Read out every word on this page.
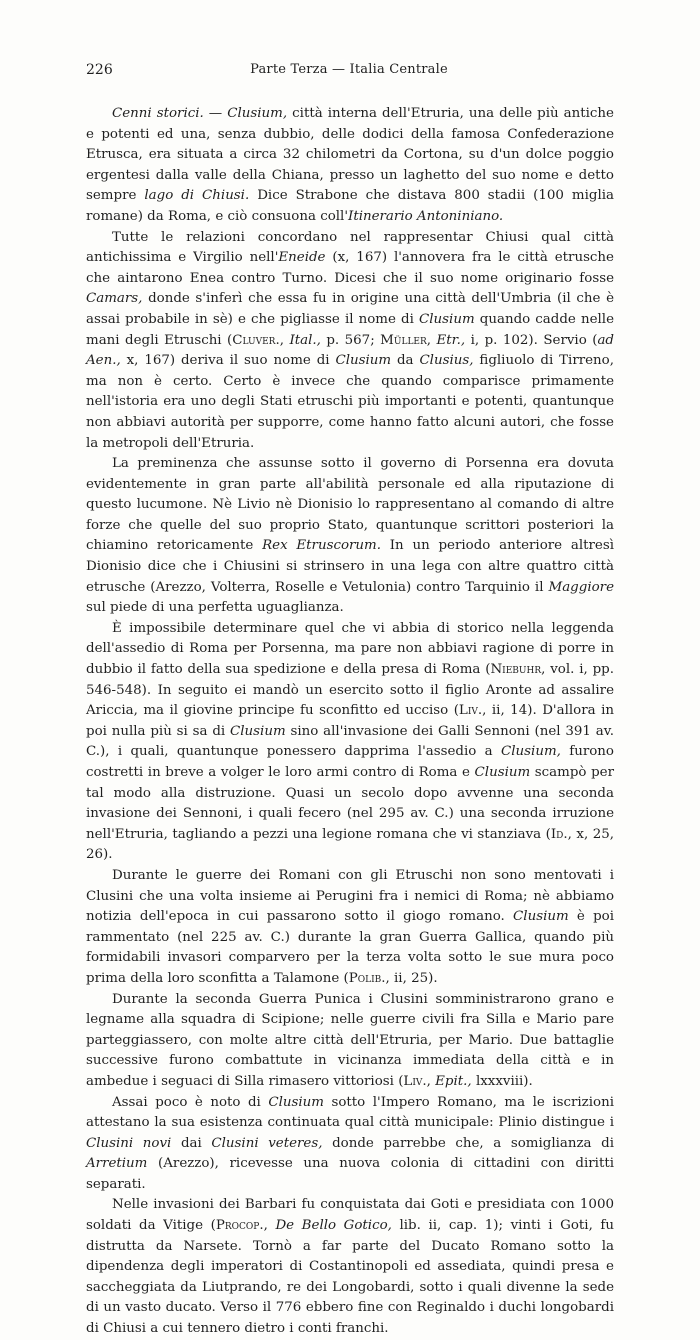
226	Parte Terza — Italia Centrale

Cenni storici. — Clusium, città interna dell'Etruria, una delle più antiche e potenti ed una, senza dubbio, delle dodici della famosa Confederazione Etrusca, era situata a circa 32 chilometri da Cortona, su d'un dolce poggio ergentesi dalla valle della Chiana, presso un laghetto del suo nome e detto sempre lago di Chiusi. Dice Strabone che distava 800 stadii (100 miglia romane) da Roma, e ciò consuona coll'Itinerario Antoniniano.

Tutte le relazioni concordano nel rappresentar Chiusi qual città antichissima e Virgilio nell'Eneide (x, 167) l'annovera fra le città etrusche che aintarono Enea contro Turno. Dicesi che il suo nome originario fosse Camars, donde s'inferì che essa fu in origine una città dell'Umbria (il che è assai probabile in sè) e che pigliasse il nome di Clusium quando cadde nelle mani degli Etruschi (Cluver., Ital., p. 567; Müller, Etr., i, p. 102). Servio (ad Aen., x, 167) deriva il suo nome di Clusium da Clusius, figliuolo di Tirreno, ma non è certo. Certo è invece che quando comparisce primamente nell'istoria era uno degli Stati etruschi più importanti e potenti, quantunque non abbiavi autorità per supporre, come hanno fatto alcuni autori, che fosse la metropoli dell'Etruria.

La preminenza che assunse sotto il governo di Porsenna era dovuta evidentemente in gran parte all'abilità personale ed alla riputazione di questo lucumone. Nè Livio nè Dionisio lo rappresentano al comando di altre forze che quelle del suo proprio Stato, quantunque scrittori posteriori la chiamino retoricamente Rex Etruscorum. In un periodo anteriore altresì Dionisio dice che i Chiusini si strinsero in una lega con altre quattro città etrusche (Arezzo, Volterra, Roselle e Vetulonia) contro Tarquinio il Maggiore sul piede di una perfetta uguaglianza.

È impossibile determinare quel che vi abbia di storico nella leggenda dell'assedio di Roma per Porsenna, ma pare non abbiavi ragione di porre in dubbio il fatto della sua spedizione e della presa di Roma (Niebuhr, vol. i, pp. 546-548). In seguito ei mandò un esercito sotto il figlio Aronte ad assalire Ariccia, ma il giovine principe fu sconfitto ed ucciso (Liv., ii, 14). D'allora in poi nulla più si sa di Clusium sino all'invasione dei Galli Sennoni (nel 391 av. C.), i quali, quantunque ponessero dapprima l'assedio a Clusium, furono costretti in breve a volger le loro armi contro di Roma e Clusium scampò per tal modo alla distruzione. Quasi un secolo dopo avvenne una seconda invasione dei Sennoni, i quali fecero (nel 295 av. C.) una seconda irruzione nell'Etruria, tagliando a pezzi una legione romana che vi stanziava (Id., x, 25, 26).

Durante le guerre dei Romani con gli Etruschi non sono mentovati i Clusini che una volta insieme ai Perugini fra i nemici di Roma; nè abbiamo notizia dell'epoca in cui passarono sotto il giogo romano. Clusium è poi rammentato (nel 225 av. C.) durante la gran Guerra Gallica, quando più formidabili invasori comparvero per la terza volta sotto le sue mura poco prima della loro sconfitta a Talamone (Polib., ii, 25).

Durante la seconda Guerra Punica i Clusini somministrarono grano e legname alla squadra di Scipione; nelle guerre civili fra Silla e Mario pare parteggiassero, con molte altre città dell'Etruria, per Mario. Due battaglie successive furono combattute in vicinanza immediata della città e in ambedue i seguaci di Silla rimasero vittoriosi (Liv., Epit., lxxxviii).

Assai poco è noto di Clusium sotto l'Impero Romano, ma le iscrizioni attestano la sua esistenza continuata qual città municipale: Plinio distingue i Clusini novi dai Clusini veteres, donde parrebbe che, a somiglianza di Arretium (Arezzo), ricevesse una nuova colonia di cittadini con diritti separati.

Nelle invasioni dei Barbari fu conquistata dai Goti e presidiata con 1000 soldati da Vitige (Procop., De Bello Gotico, lib. ii, cap. 1); vinti i Goti, fu distrutta da Narsete. Tornò a far parte del Ducato Romano sotto la dipendenza degli imperatori di Costantinopoli ed assediata, quindi presa e saccheggiata da Liutprando, re dei Longobardi, sotto i quali divenne la sede di un vasto ducato. Verso il 776 ebbero fine con Reginaldo i duchi longobardi di Chiusi a cui tennero dietro i conti franchi.
